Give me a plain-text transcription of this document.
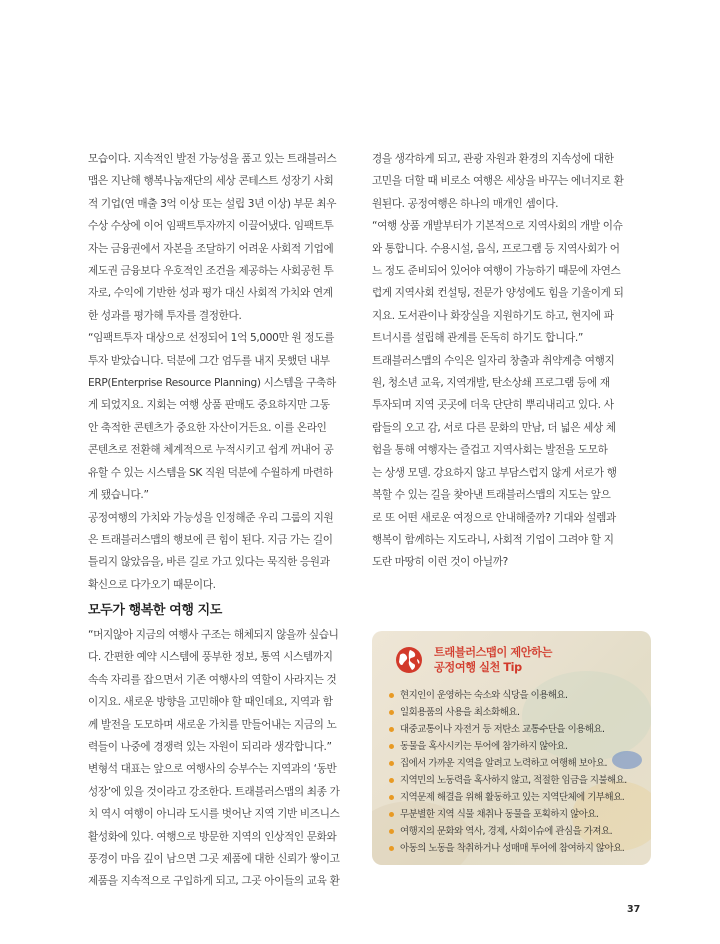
모습이다. 지속적인 발전 가능성을 품고 있는 트래블러스

맵은 지난해 행복나눔재단의 세상 콘테스트 성장기 사회

적 기업(연 매출 3억 이상 또는 설립 3년 이상) 부문 최우

수상 수상에 이어 임팩트투자까지 이끌어냈다. 임팩트투

자는 금융권에서 자본을 조달하기 어려운 사회적 기업에

제도권 금융보다 우호적인 조건을 제공하는 사회공헌 투

자로, 수익에 기반한 성과 평가 대신 사회적 가치와 연계

한 성과를 평가해 투자를 결정한다.

“임팩트투자 대상으로 선정되어 1억 5,000만 원 정도를

투자 받았습니다. 덕분에 그간 엄두를 내지 못했던 내부

ERP(Enterprise Resource Planning) 시스템을 구축하

게 되었지요. 지회는 여행 상품 판매도 중요하지만 그동

안 축적한 콘텐츠가 중요한 자산이거든요. 이를 온라인

콘텐츠로 전환해 체계적으로 누적시키고 쉽게 꺼내어 공

유할 수 있는 시스템을 SK 직원 덕분에 수월하게 마련하

게 됐습니다.”

공정여행의 가치와 가능성을 인정해준 우리 그룹의 지원

은 트래블러스맵의 행보에 큰 힘이 된다. 지금 가는 길이

틀리지 않았음을, 바른 길로 가고 있다는 묵직한 응원과

확신으로 다가오기 때문이다.

모두가 행복한 여행 지도

“머지않아 지금의 여행사 구조는 해체되지 않을까 싶습니

다. 간편한 예약 시스템에 풍부한 정보, 통역 시스템까지

속속 자리를 잡으면서 기존 여행사의 역할이 사라지는 것

이지요. 새로운 방향을 고민해야 할 때인데요, 지역과 함

께 발전을 도모하며 새로운 가치를 만들어내는 지금의 노

력들이 나중에 경쟁력 있는 자원이 되리라 생각합니다.”

변형석 대표는 앞으로 여행사의 승부수는 지역과의 ‘동반

성장’에 있을 것이라고 강조한다. 트래블러스맵의 최종 가

치 역시 여행이 아니라 도시를 벗어난 지역 기반 비즈니스

활성화에 있다. 여행으로 방문한 지역의 인상적인 문화와

풍경이 마음 깊이 남으면 그곳 제품에 대한 신뢰가 쌓이고

제품을 지속적으로 구입하게 되고, 그곳 아이들의 교육 환

경을 생각하게 되고, 관광 자원과 환경의 지속성에 대한

고민을 더할 때 비로소 여행은 세상을 바꾸는 에너지로 환

원된다. 공정여행은 하나의 매개인 셈이다.

“여행 상품 개발부터가 기본적으로 지역사회의 개발 이슈

와 통합니다. 수용시설, 음식, 프로그램 등 지역사회가 어

느 정도 준비되어 있어야 여행이 가능하기 때문에 자연스

럽게 지역사회 컨설팅, 전문가 양성에도 힘을 기울이게 되

지요. 도서관이나 화장실을 지원하기도 하고, 현지에 파

트너시를 설립해 관계를 돈독히 하기도 합니다.”

트래블러스맵의 수익은 일자리 창출과 취약계층 여행지

원, 청소년 교육, 지역개발, 탄소상쇄 프로그램 등에 재

투자되며 지역 곳곳에 더욱 단단히 뿌리내리고 있다. 사

람들의 오고 감, 서로 다른 문화의 만남, 더 넓은 세상 체

험을 통해 여행자는 즐겁고 지역사회는 발전을 도모하

는 상생 모델. 강요하지 않고 부담스럽지 않게 서로가 행

복할 수 있는 길을 찾아낸 트래블러스맵의 지도는 앞으

로 또 어떤 새로운 여정으로 안내해줄까? 기대와 설렘과

행복이 함께하는 지도라니, 사회적 기업이 그려야 할 지

도란 마땅히 이런 것이 아닐까?

트래블러스맵이 제안하는
공정여행 실천 Tip
현지인이 운영하는 숙소와 식당을 이용해요.
일회용품의 사용을 최소화해요.
대중교통이나 자전거 등 저탄소 교통수단을 이용해요.
동물을 혹사시키는 투어에 참가하지 않아요.
집에서 가까운 지역을 알려고 노력하고 여행해 보아요.
지역민의 노동력을 혹사하지 않고, 적절한 임금을 지불해요.
지역문제 해결을 위해 활동하고 있는 지역단체에 기부해요.
무분별한 지역 식물 채취나 동물을 포획하지 않아요.
여행지의 문화와 역사, 경제, 사회이슈에 관심을 가져요.
아동의 노동을 착취하거나 성매매 투어에 참여하지 않아요.
37
